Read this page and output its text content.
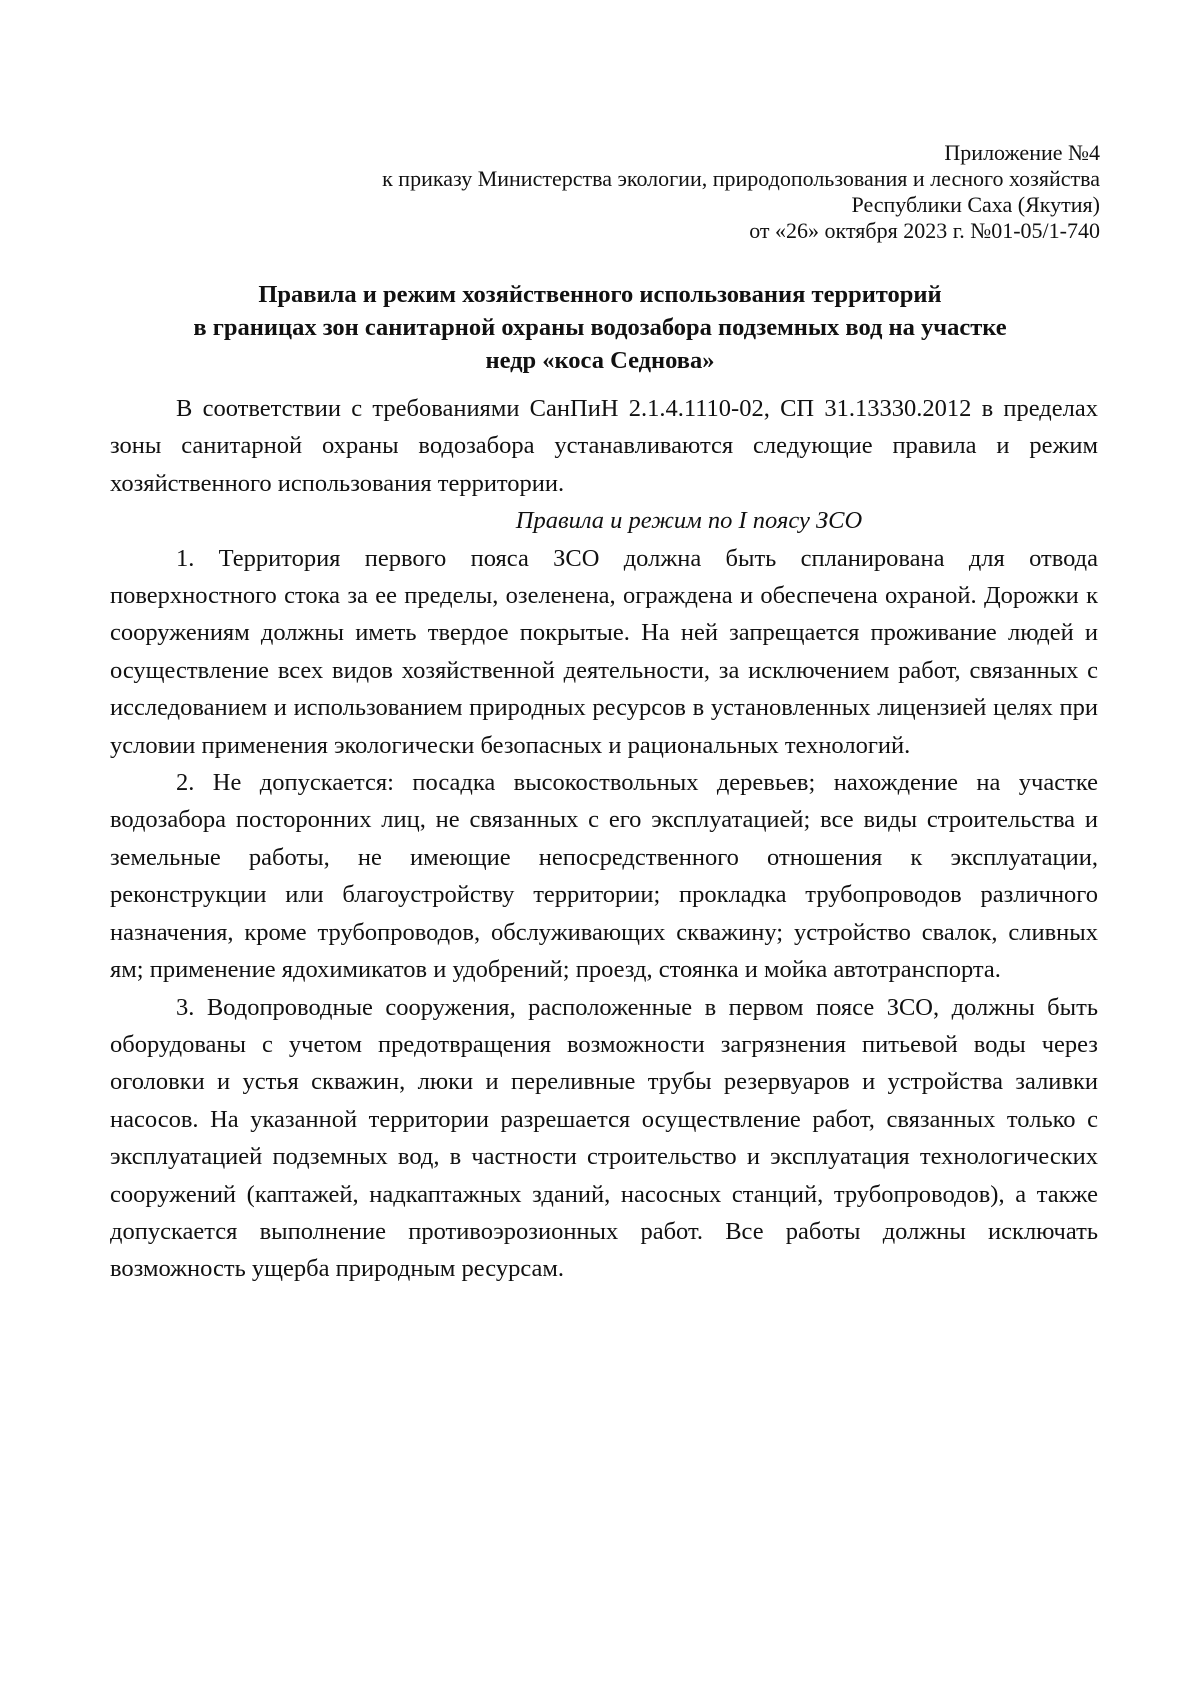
Приложение №4
к приказу Министерства экологии, природопользования и лесного хозяйства
Республики Саха (Якутия)
от «26» октября 2023 г. №01-05/1-740
Правила и режим хозяйственного использования территорий
в границах зон санитарной охраны водозабора подземных вод на участке
недр «коса Седнова»

В соответствии с требованиями СанПиН 2.1.4.1110-02, СП 31.13330.2012 в пределах зоны санитарной охраны водозабора устанавливаются следующие правила и режим хозяйственного использования территории.

Правила и режим по I поясу ЗСО

1. Территория первого пояса ЗСО должна быть спланирована для отвода поверхностного стока за ее пределы, озеленена, ограждена и обеспечена охраной. Дорожки к сооружениям должны иметь твердое покрытые. На ней запрещается проживание людей и осуществление всех видов хозяйственной деятельности, за исключением работ, связанных с исследованием и использованием природных ресурсов в установленных лицензией целях при условии применения экологически безопасных и рациональных технологий.

2. Не допускается: посадка высокоствольных деревьев; нахождение на участке водозабора посторонних лиц, не связанных с его эксплуатацией; все виды строительства и земельные работы, не имеющие непосредственного отношения к эксплуатации, реконструкции или благоустройству территории; прокладка трубопроводов различного назначения, кроме трубопроводов, обслуживающих скважину; устройство свалок, сливных ям; применение ядохимикатов и удобрений; проезд, стоянка и мойка автотранспорта.

3. Водопроводные сооружения, расположенные в первом поясе ЗСО, должны быть оборудованы с учетом предотвращения возможности загрязнения питьевой воды через оголовки и устья скважин, люки и переливные трубы резервуаров и устройства заливки насосов. На указанной территории разрешается осуществление работ, связанных только с эксплуатацией подземных вод, в частности строительство и эксплуатация технологических сооружений (каптажей, надкаптажных зданий, насосных станций, трубопроводов), а также допускается выполнение противоэрозионных работ. Все работы должны исключать возможность ущерба природным ресурсам.
